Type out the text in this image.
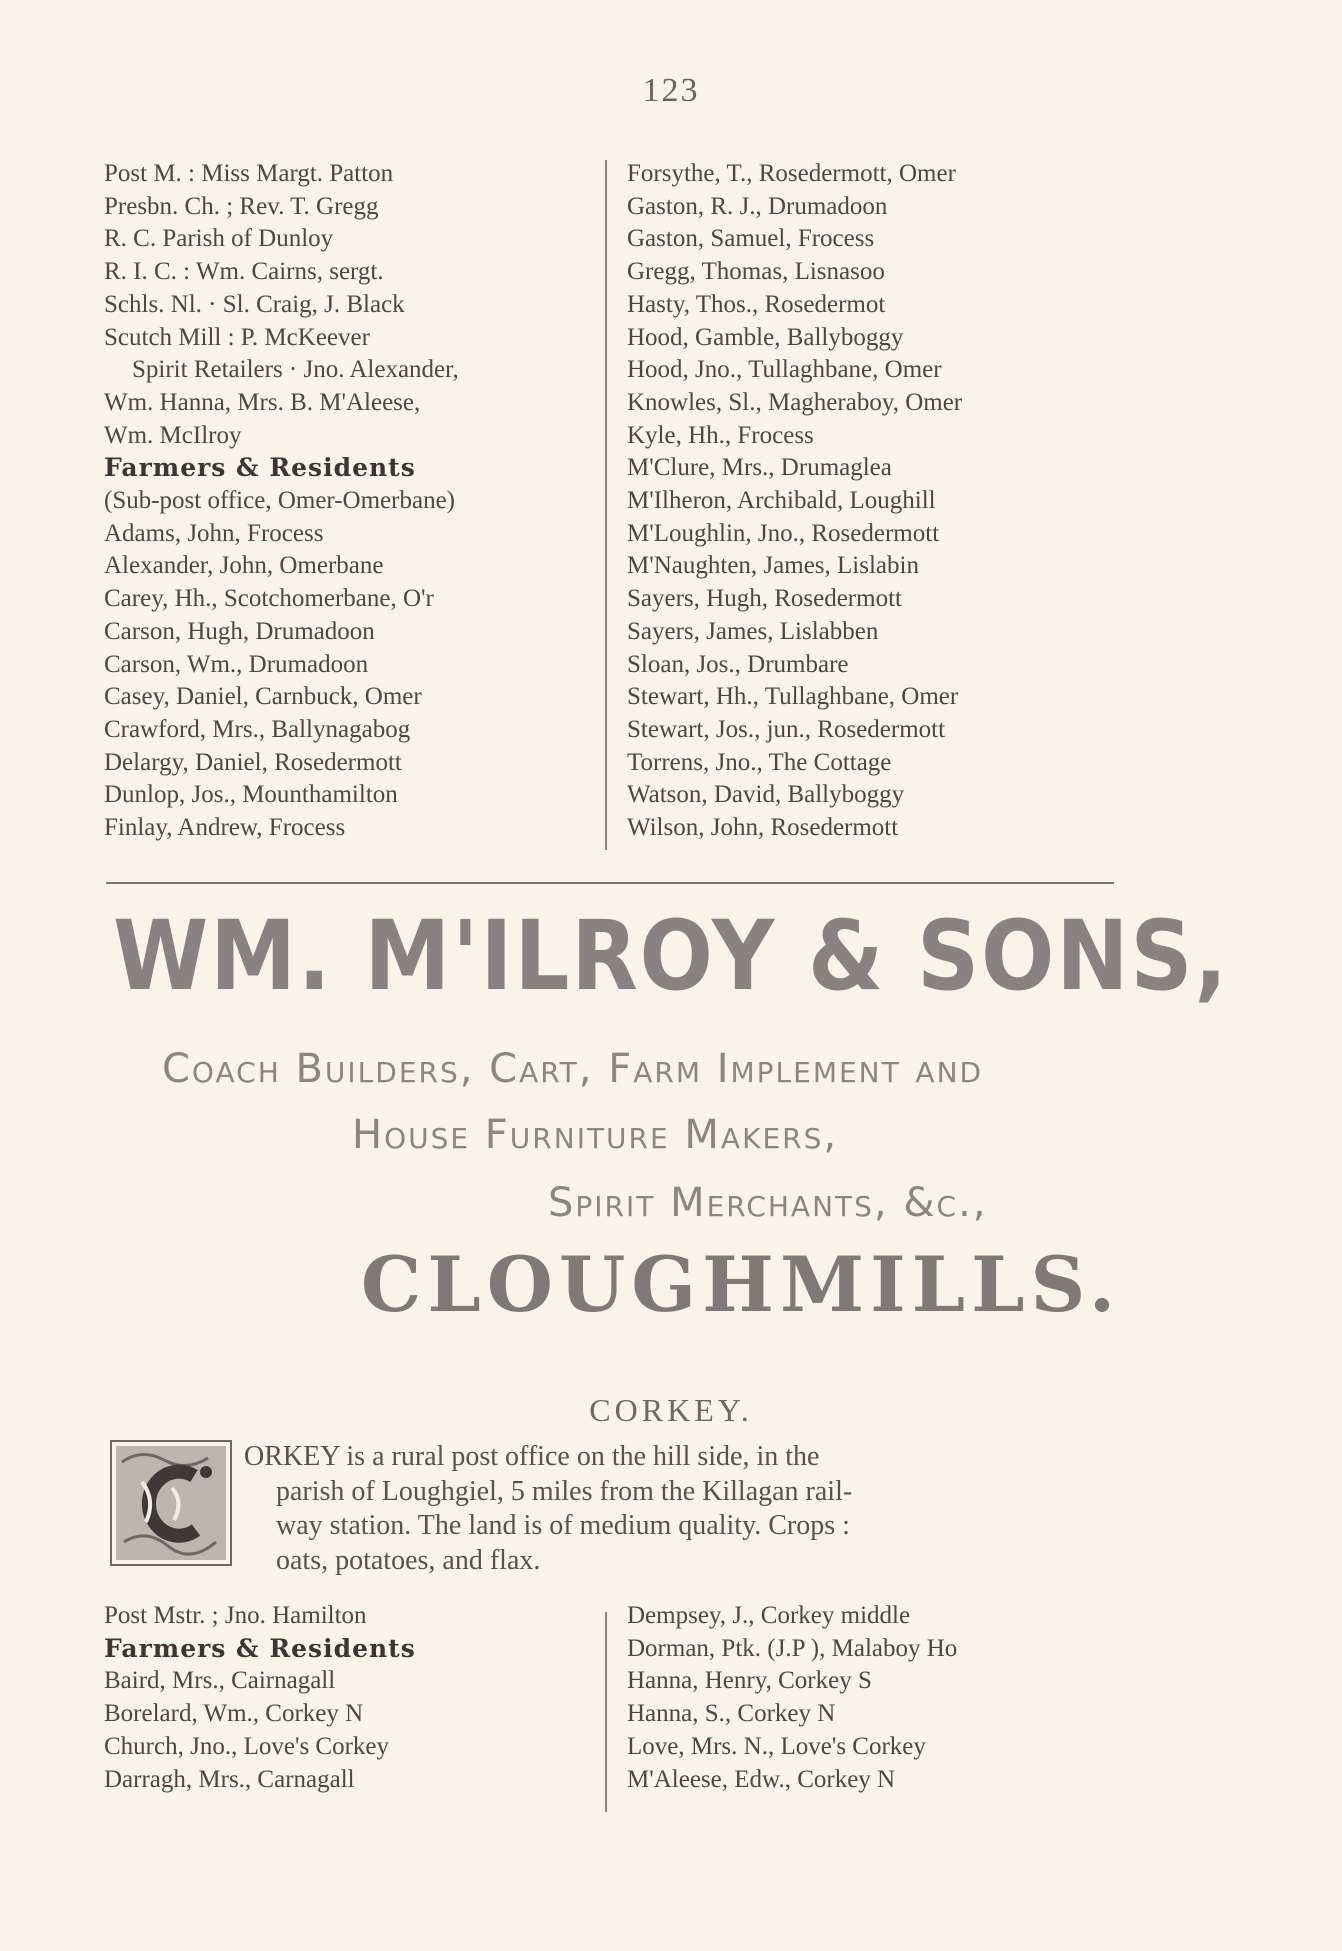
123
Post M. : Miss Margt. Patton
Presbn. Ch. ; Rev. T. Gregg
R. C. Parish of Dunloy
R. I. C. : Wm. Cairns, sergt.
Schls. Nl. · Sl. Craig, J. Black
Scutch Mill : P. McKeever
Spirit Retailers · Jno. Alexander,
Wm. Hanna, Mrs. B. M'Aleese,
Wm. McIlroy
Farmers & Residents
(Sub-post office, Omer-Omerbane)
Adams, John, Frocess
Alexander, John, Omerbane
Carey, Hh., Scotchomerbane, O'r
Carson, Hugh, Drumadoon
Carson, Wm., Drumadoon
Casey, Daniel, Carnbuck, Omer
Crawford, Mrs., Ballynagabog
Delargy, Daniel, Rosedermott
Dunlop, Jos., Mounthamilton
Finlay, Andrew, Frocess
Forsythe, T., Rosedermott, Omer
Gaston, R. J., Drumadoon
Gaston, Samuel, Frocess
Gregg, Thomas, Lisnasoo
Hasty, Thos., Rosedermot
Hood, Gamble, Ballyboggy
Hood, Jno., Tullaghbane, Omer
Knowles, Sl., Magheraboy, Omer
Kyle, Hh., Frocess
M'Clure, Mrs., Drumaglea
M'Ilheron, Archibald, Loughill
M'Loughlin, Jno., Rosedermott
M'Naughten, James, Lislabin
Sayers, Hugh, Rosedermott
Sayers, James, Lislabben
Sloan, Jos., Drumbare
Stewart, Hh., Tullaghbane, Omer
Stewart, Jos., jun., Rosedermott
Torrens, Jno., The Cottage
Watson, David, Ballyboggy
Wilson, John, Rosedermott
WM. M'ILROY & SONS,
Coach Builders, Cart, Farm Implement and
House Furniture Makers,
Spirit Merchants, &c.,
CLOUGHMILLS.
CORKEY.
ORKEY is a rural post office on the hill side, in the
parish of Loughgiel, 5 miles from the Killagan rail-
way station. The land is of medium quality. Crops :
oats, potatoes, and flax.
Post Mstr. ; Jno. Hamilton
Farmers & Residents
Baird, Mrs., Cairnagall
Borelard, Wm., Corkey N
Church, Jno., Love's Corkey
Darragh, Mrs., Carnagall
Dempsey, J., Corkey middle
Dorman, Ptk. (J.P ), Malaboy Ho
Hanna, Henry, Corkey S
Hanna, S., Corkey N
Love, Mrs. N., Love's Corkey
M'Aleese, Edw., Corkey N
